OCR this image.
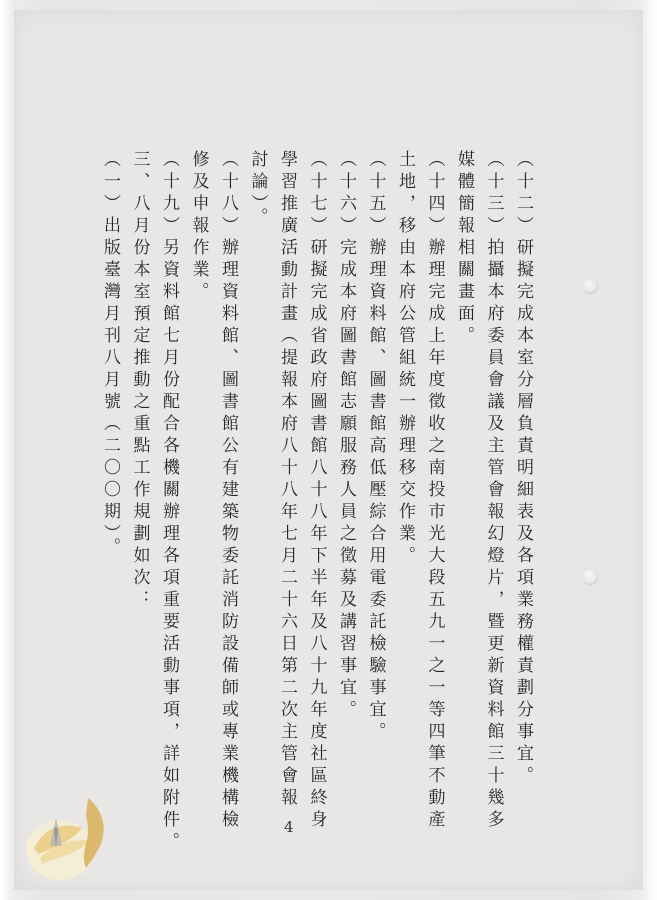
（十二）研擬完成本室分層負責明細表及各項業務權責劃分事宜。
（十三）拍攝本府委員會議及主管會報幻燈片，暨更新資料館三十幾多
媒體簡報相關畫面。
（十四）辦理完成上年度徵收之南投市光大段五九一之一等四筆不動產
土地，移由本府公管組統一辦理移交作業。
（十五）辦理資料館、圖書館高低壓綜合用電委託檢驗事宜。
（十六）完成本府圖書館志願服務人員之徵募及講習事宜。
（十七）研擬完成省政府圖書館八十八年下半年及八十九年度社區終身
學習推廣活動計畫（提報本府八十八年七月二十六日第二次主管會報
討論）。
（十八）辦理資料館、圖書館公有建築物委託消防設備師或專業機構檢
修及申報作業。
（十九）另資料館七月份配合各機關辦理各項重要活動事項，詳如附件。
三、八月份本室預定推動之重點工作規劃如次：
（一）出版臺灣月刊八月號（二〇〇期）。
4
